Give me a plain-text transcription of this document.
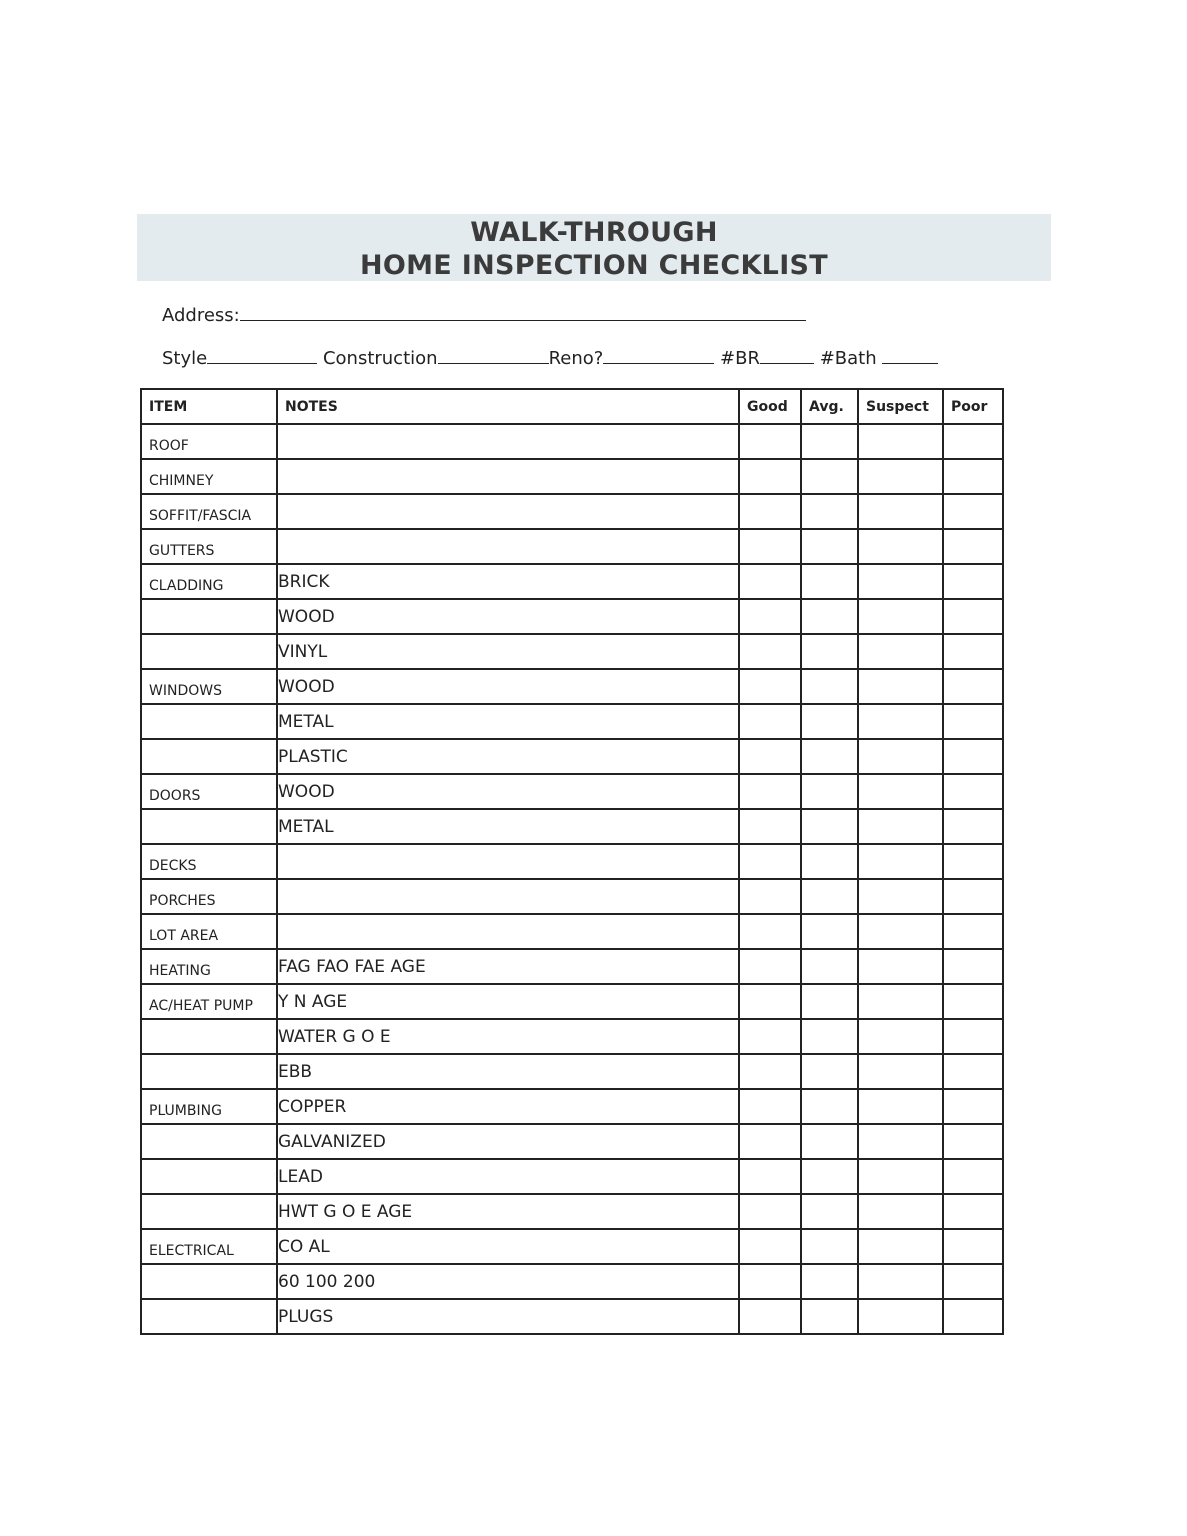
WALK-THROUGH
HOME INSPECTION CHECKLIST
Address:
Style	Construction	Reno?	#BR	#Bath
ITEM	NOTES	Good	Avg.	Suspect	Poor

ROOF					

CHIMNEY					

SOFFIT/FASCIA					

GUTTERS					

CLADDING	BRICK				

	WOOD				

	VINYL				

WINDOWS	WOOD				

	METAL				

	PLASTIC				

DOORS	WOOD				

	METAL				

DECKS					

PORCHES					

LOT AREA					

HEATING	FAG FAO FAE AGE				

AC/HEAT PUMP	Y N AGE				

	WATER G O E				

	EBB				

PLUMBING	COPPER				

	GALVANIZED				

	LEAD				

	HWT G O E AGE				

ELECTRICAL	CO AL				

	60 100 200				

	PLUGS				
